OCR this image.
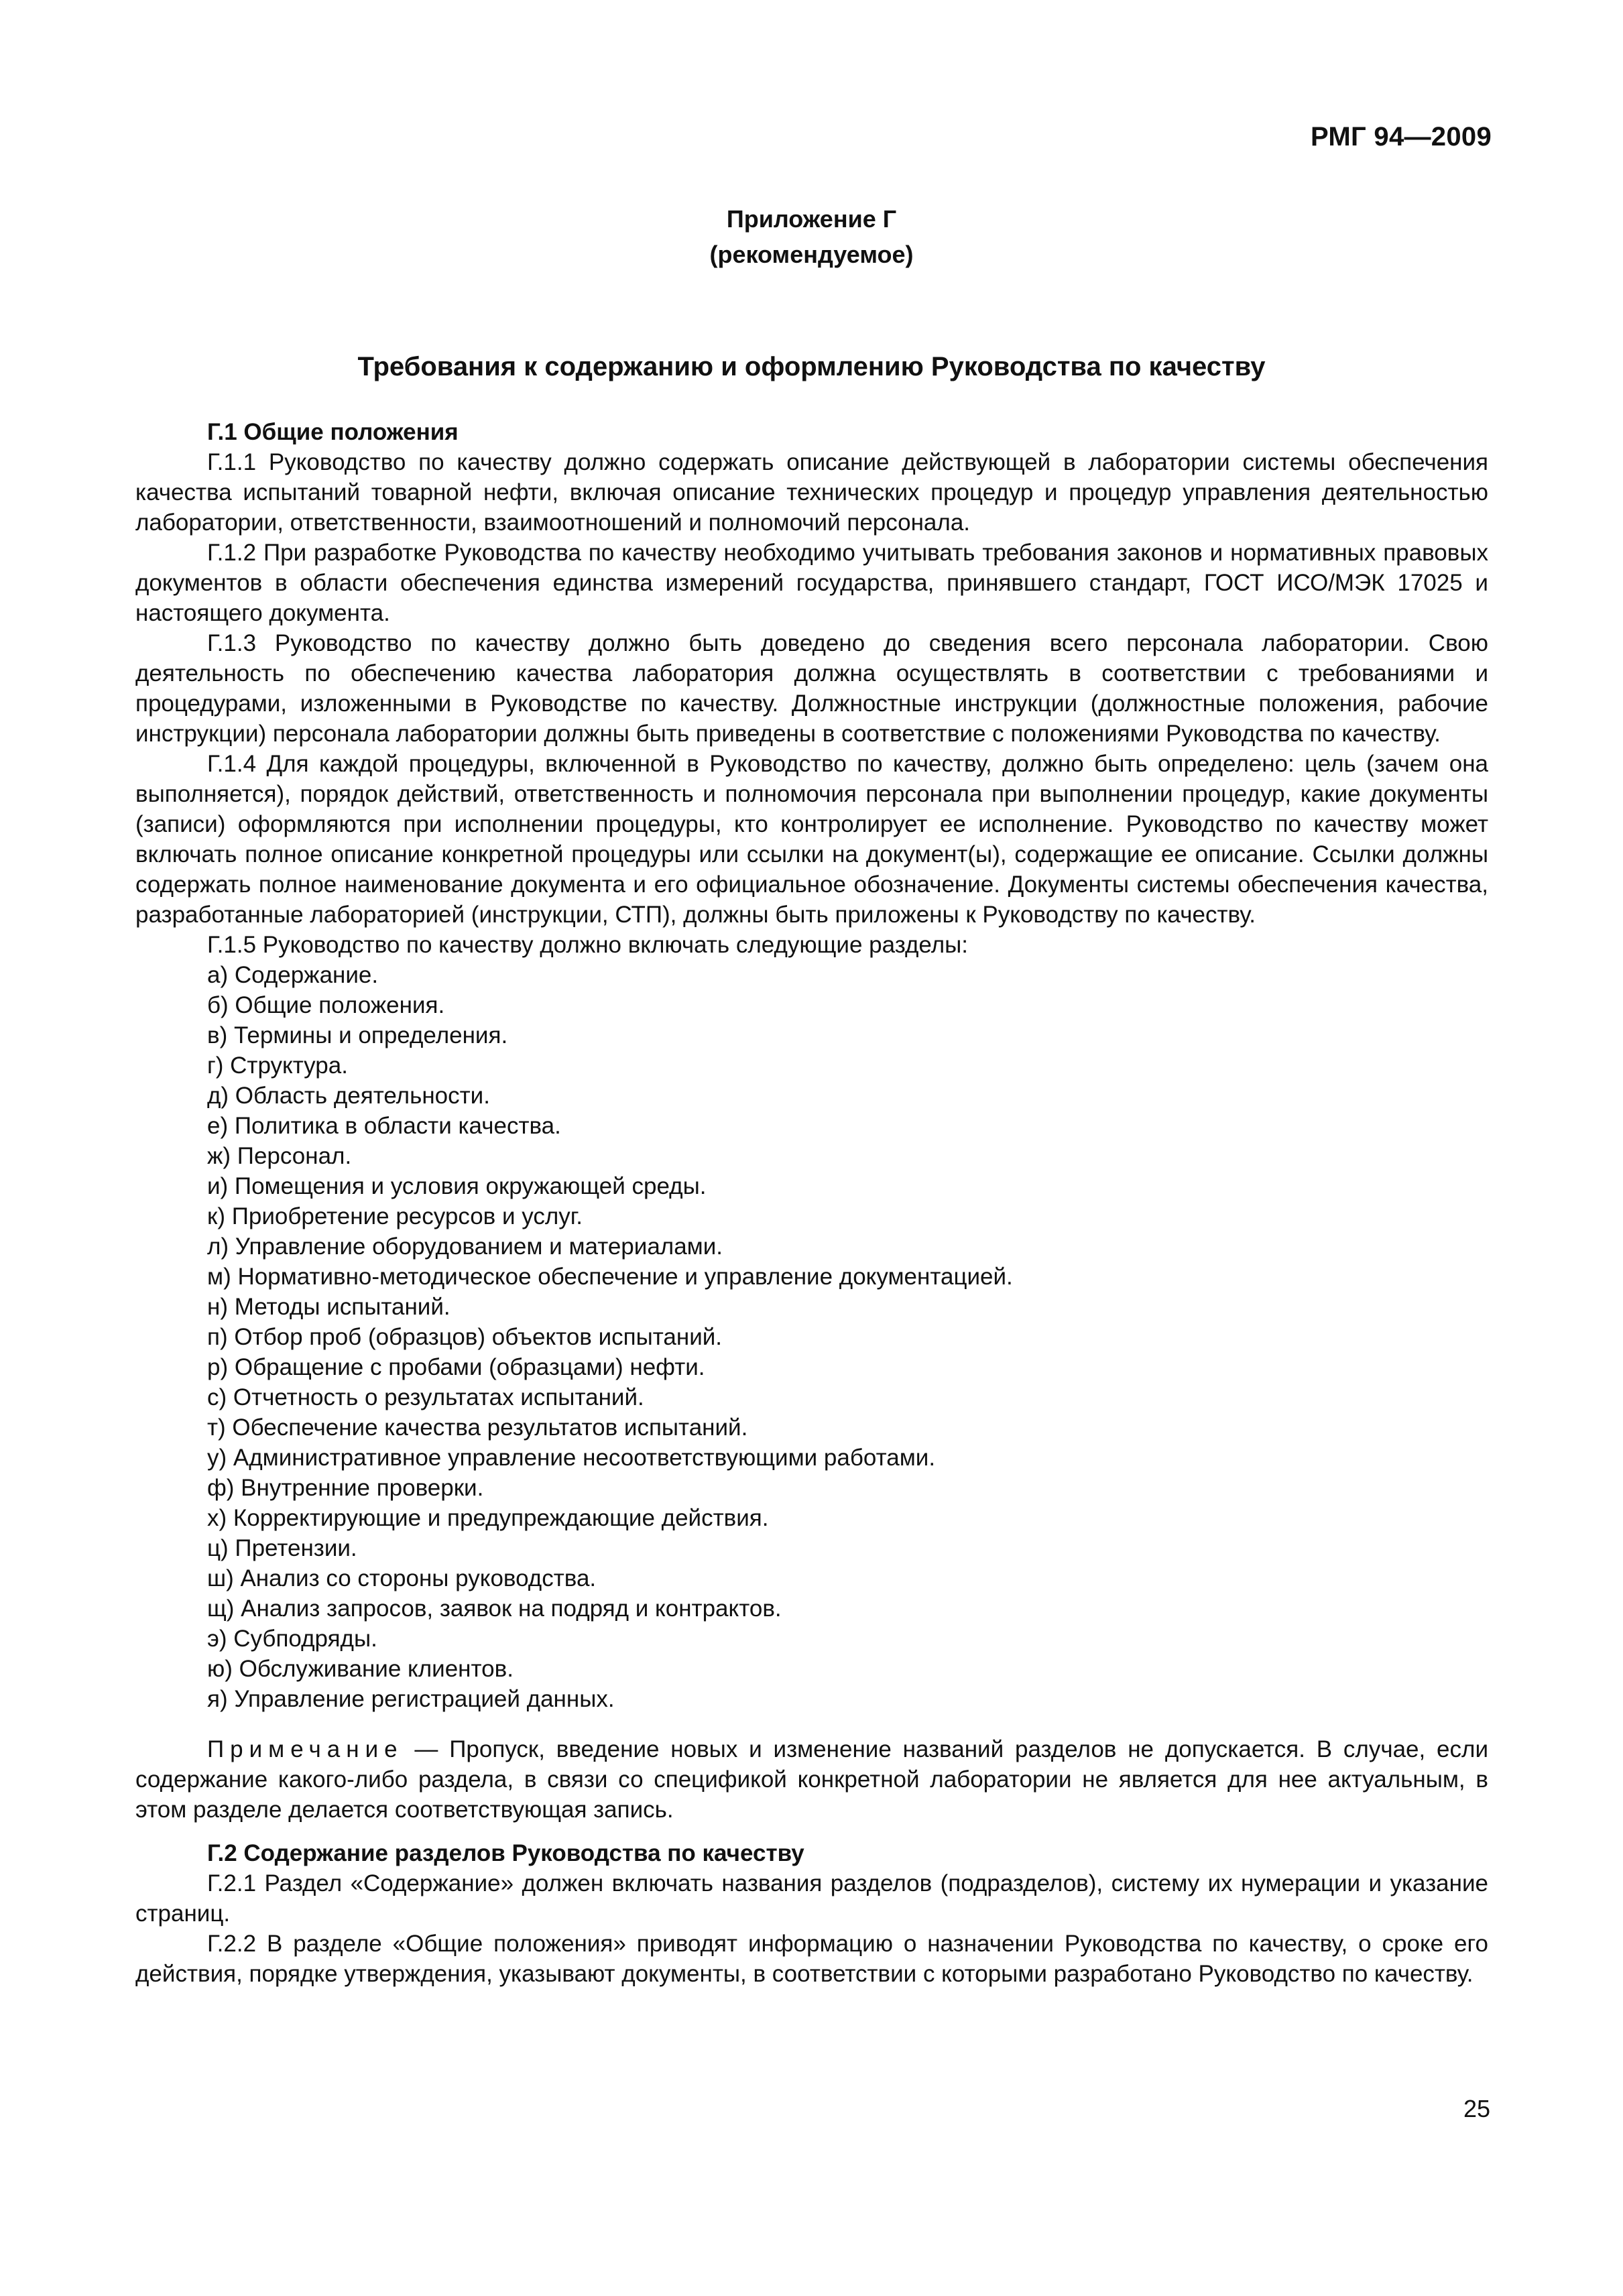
РМГ 94—2009
Приложение Г
(рекомендуемое)
Требования к содержанию и оформлению Руководства по качеству
Г.1 Общие положения

Г.1.1 Руководство по качеству должно содержать описание действующей в лаборатории системы обеспечения качества испытаний товарной нефти, включая описание технических процедур и процедур управления деятельностью лаборатории, ответственности, взаимоотношений и полномочий персонала.

Г.1.2 При разработке Руководства по качеству необходимо учитывать требования законов и нормативных правовых документов в области обеспечения единства измерений государства, принявшего стандарт, ГОСТ ИСО/МЭК 17025 и настоящего документа.

Г.1.3 Руководство по качеству должно быть доведено до сведения всего персонала лаборатории. Свою деятельность по обеспечению качества лаборатория должна осуществлять в соответствии с требованиями и процедурами, изложенными в Руководстве по качеству. Должностные инструкции (должностные положения, рабочие инструкции) персонала лаборатории должны быть приведены в соответствие с положениями Руководства по качеству.

Г.1.4 Для каждой процедуры, включенной в Руководство по качеству, должно быть определено: цель (зачем она выполняется), порядок действий, ответственность и полномочия персонала при выполнении процедур, какие документы (записи) оформляются при исполнении процедуры, кто контролирует ее исполнение. Руководство по качеству может включать полное описание конкретной процедуры или ссылки на документ(ы), содержащие ее описание. Ссылки должны содержать полное наименование документа и его официальное обозначение. Документы системы обеспечения качества, разработанные лабораторией (инструкции, СТП), должны быть приложены к Руководству по качеству.

Г.1.5 Руководство по качеству должно включать следующие разделы:

а) Содержание.
б) Общие положения.
в) Термины и определения.
г) Структура.
д) Область деятельности.
е) Политика в области качества.
ж) Персонал.
и) Помещения и условия окружающей среды.
к) Приобретение ресурсов и услуг.
л) Управление оборудованием и материалами.
м) Нормативно-методическое обеспечение и управление документацией.
н) Методы испытаний.
п) Отбор проб (образцов) объектов испытаний.
р) Обращение с пробами (образцами) нефти.
с) Отчетность о результатах испытаний.
т) Обеспечение качества результатов испытаний.
у) Административное управление несоответствующими работами.
ф) Внутренние проверки.
х) Корректирующие и предупреждающие действия.
ц) Претензии.
ш) Анализ со стороны руководства.
щ) Анализ запросов, заявок на подряд и контрактов.
э) Субподряды.
ю) Обслуживание клиентов.
я) Управление регистрацией данных.

Примечание — Пропуск, введение новых и изменение названий разделов не допускается. В случае, если содержание какого-либо раздела, в связи со спецификой конкретной лаборатории не является для нее актуальным, в этом разделе делается соответствующая запись.

Г.2 Содержание разделов Руководства по качеству

Г.2.1 Раздел «Содержание» должен включать названия разделов (подразделов), систему их нумерации и указание страниц.

Г.2.2 В разделе «Общие положения» приводят информацию о назначении Руководства по качеству, о сроке его действия, порядке утверждения, указывают документы, в соответствии с которыми разработано Руководство по качеству.

25
